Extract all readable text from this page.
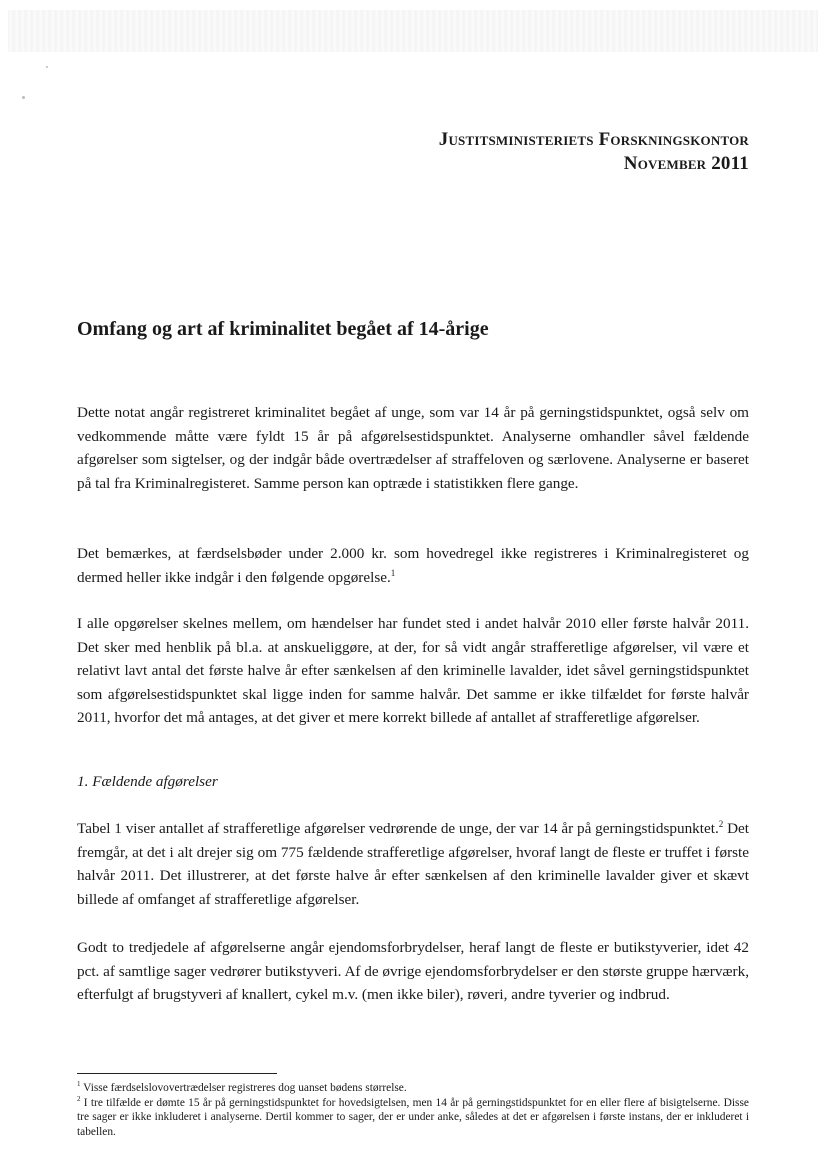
Justitsministeriets Forskningskontor
November 2011
Omfang og art af kriminalitet begået af 14-årige
Dette notat angår registreret kriminalitet begået af unge, som var 14 år på gerningstidspunktet, også selv om vedkommende måtte være fyldt 15 år på afgørelsestidspunktet. Analyserne omhandler såvel fældende afgørelser som sigtelser, og der indgår både overtrædelser af straffeloven og særlovene. Analyserne er baseret på tal fra Kriminalregisteret. Samme person kan optræde i statistikken flere gange.
Det bemærkes, at færdselsbøder under 2.000 kr. som hovedregel ikke registreres i Kriminalregisteret og dermed heller ikke indgår i den følgende opgørelse.$^1$
I alle opgørelser skelnes mellem, om hændelser har fundet sted i andet halvår 2010 eller første halvår 2011. Det sker med henblik på bl.a. at anskueliggøre, at der, for så vidt angår strafferetlige afgørelser, vil være et relativt lavt antal det første halve år efter sænkelsen af den kriminelle lavalder, idet såvel gerningstidspunktet som afgørelsestidspunktet skal ligge inden for samme halvår. Det samme er ikke tilfældet for første halvår 2011, hvorfor det må antages, at det giver et mere korrekt billede af antallet af strafferetlige afgørelser.
1. Fældende afgørelser
Tabel 1 viser antallet af strafferetlige afgørelser vedrørende de unge, der var 14 år på gerningstidspunktet.$^2$ Det fremgår, at det i alt drejer sig om 775 fældende strafferetlige afgørelser, hvoraf langt de fleste er truffet i første halvår 2011. Det illustrerer, at det første halve år efter sænkelsen af den kriminelle lavalder giver et skævt billede af omfanget af strafferetlige afgørelser.
Godt to tredjedele af afgørelserne angår ejendomsforbrydelser, heraf langt de fleste er butikstyverier, idet 42 pct. af samtlige sager vedrører butikstyveri. Af de øvrige ejendomsforbrydelser er den største gruppe hærværk, efterfulgt af brugstyveri af knallert, cykel m.v. (men ikke biler), røveri, andre tyverier og indbrud.

$^1$ Visse færdselslovovertrædelser registreres dog uanset bødens størrelse.

$^2$ I tre tilfælde er dømte 15 år på gerningstidspunktet for hovedsigtelsen, men 14 år på gerningstidspunktet for en eller flere af bisigtelserne. Disse tre sager er ikke inkluderet i analyserne. Dertil kommer to sager, der er under anke, således at det er afgørelsen i første instans, der er inkluderet i tabellen.
